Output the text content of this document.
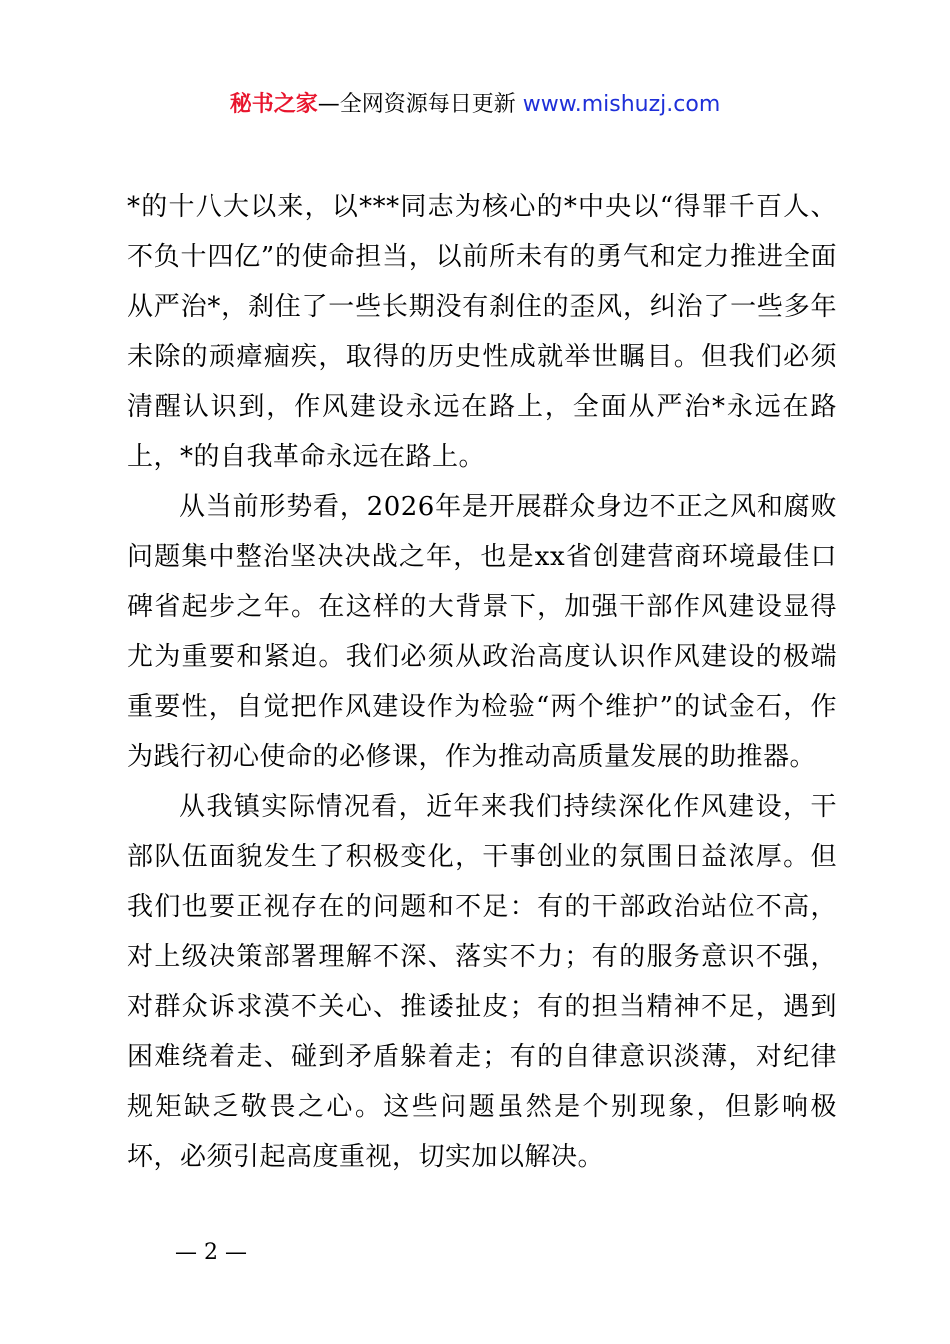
秘书之家—全网资源每日更新 www.mishuzj.com

*的十八大以来，以***同志为核心的*中央以“得罪千百人、不负十四亿”的使命担当，以前所未有的勇气和定力推进全面从严治*，刹住了一些长期没有刹住的歪风，纠治了一些多年未除的顽瘴痼疾，取得的历史性成就举世瞩目。但我们必须清醒认识到，作风建设永远在路上，全面从严治*永远在路上，*的自我革命永远在路上。

从当前形势看，2026年是开展群众身边不正之风和腐败问题集中整治坚决决战之年，也是xx省创建营商环境最佳口碑省起步之年。在这样的大背景下，加强干部作风建设显得尤为重要和紧迫。我们必须从政治高度认识作风建设的极端重要性，自觉把作风建设作为检验“两个维护”的试金石，作为践行初心使命的必修课，作为推动高质量发展的助推器。

从我镇实际情况看，近年来我们持续深化作风建设，干部队伍面貌发生了积极变化，干事创业的氛围日益浓厚。但我们也要正视存在的问题和不足：有的干部政治站位不高，对上级决策部署理解不深、落实不力；有的服务意识不强，对群众诉求漠不关心、推诿扯皮；有的担当精神不足，遇到困难绕着走、碰到矛盾躲着走；有的自律意识淡薄，对纪律规矩缺乏敬畏之心。这些问题虽然是个别现象，但影响极坏，必须引起高度重视，切实加以解决。

— 2 —
